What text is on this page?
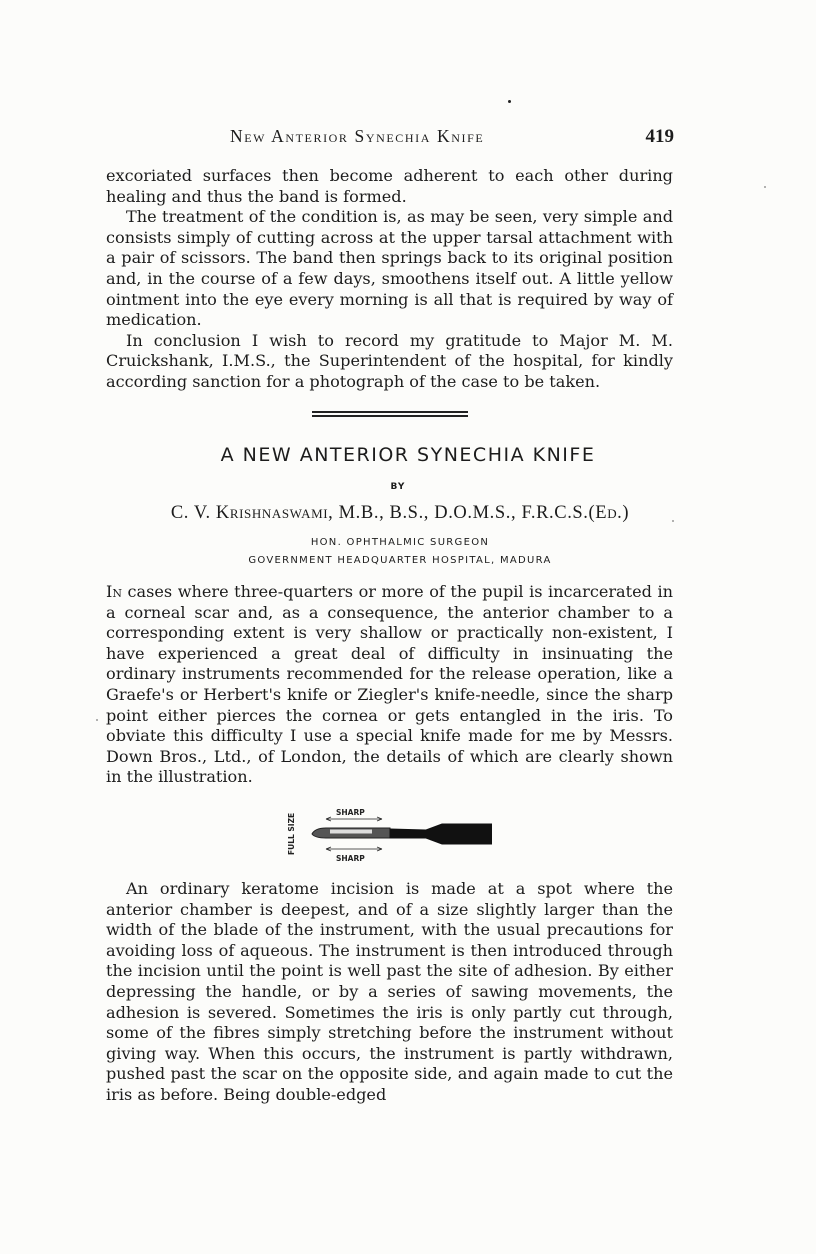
New Anterior Synechia Knife	419

excoriated surfaces then become adherent to each other during healing and thus the band is formed.

The treatment of the condition is, as may be seen, very simple and consists simply of cutting across at the upper tarsal attachment with a pair of scissors. The band then springs back to its original position and, in the course of a few days, smoothens itself out. A little yellow ointment into the eye every morning is all that is required by way of medication.

In conclusion I wish to record my gratitude to Major M. M. Cruickshank, I.M.S., the Superintendent of the hospital, for kindly according sanction for a photograph of the case to be taken.

A NEW ANTERIOR SYNECHIA KNIFE
BY
C. V. Krishnaswami, M.B., B.S., D.O.M.S., F.R.C.S.(Ed.)
HON. OPHTHALMIC SURGEON
GOVERNMENT HEADQUARTER HOSPITAL, MADURA

In cases where three-quarters or more of the pupil is incarcerated in a corneal scar and, as a consequence, the anterior chamber to a corresponding extent is very shallow or practically non-existent, I have experienced a great deal of difficulty in insinuating the ordinary instruments recommended for the release operation, like a Graefe's or Herbert's knife or Ziegler's knife-needle, since the sharp point either pierces the cornea or gets entangled in the iris. To obviate this difficulty I use a special knife made for me by Messrs. Down Bros., Ltd., of London, the details of which are clearly shown in the illustration.

SHARP
FULL SIZE
SHARP

An ordinary keratome incision is made at a spot where the anterior chamber is deepest, and of a size slightly larger than the width of the blade of the instrument, with the usual precautions for avoiding loss of aqueous. The instrument is then introduced through the incision until the point is well past the site of adhesion. By either depressing the handle, or by a series of sawing movements, the adhesion is severed. Sometimes the iris is only partly cut through, some of the fibres simply stretching before the instrument without giving way. When this occurs, the instrument is partly withdrawn, pushed past the scar on the opposite side, and again made to cut the iris as before. Being double-edged
